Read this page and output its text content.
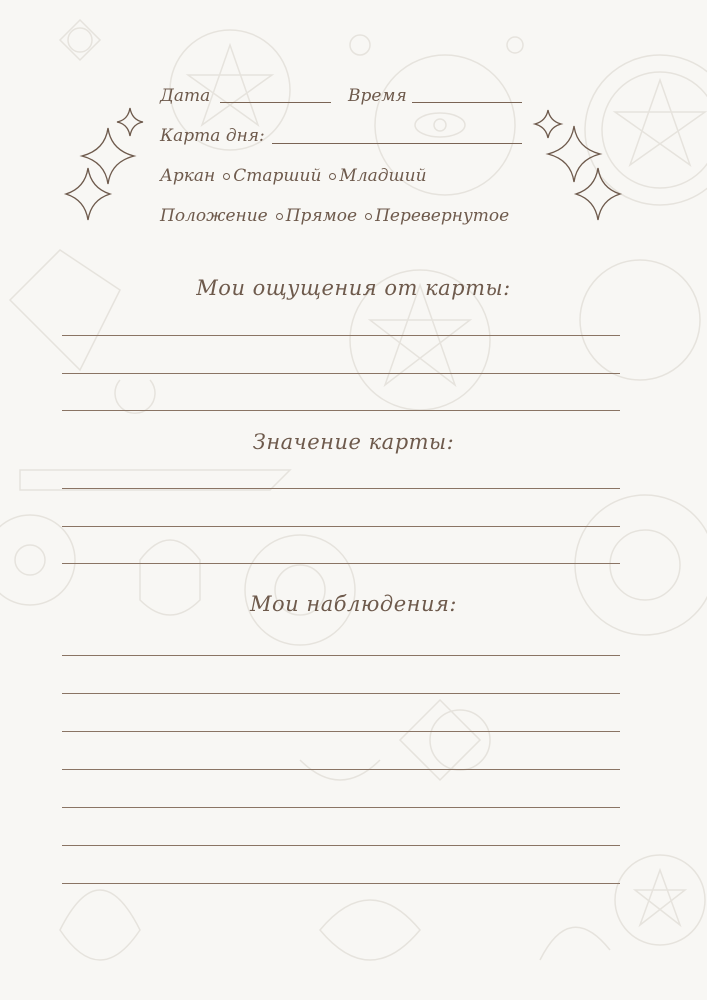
Дата	Время
Карта дня:
Аркан Старший Младший
Положение Прямое Перевернутое
Мои ощущения от карты:
Значение карты:
Мои наблюдения:
